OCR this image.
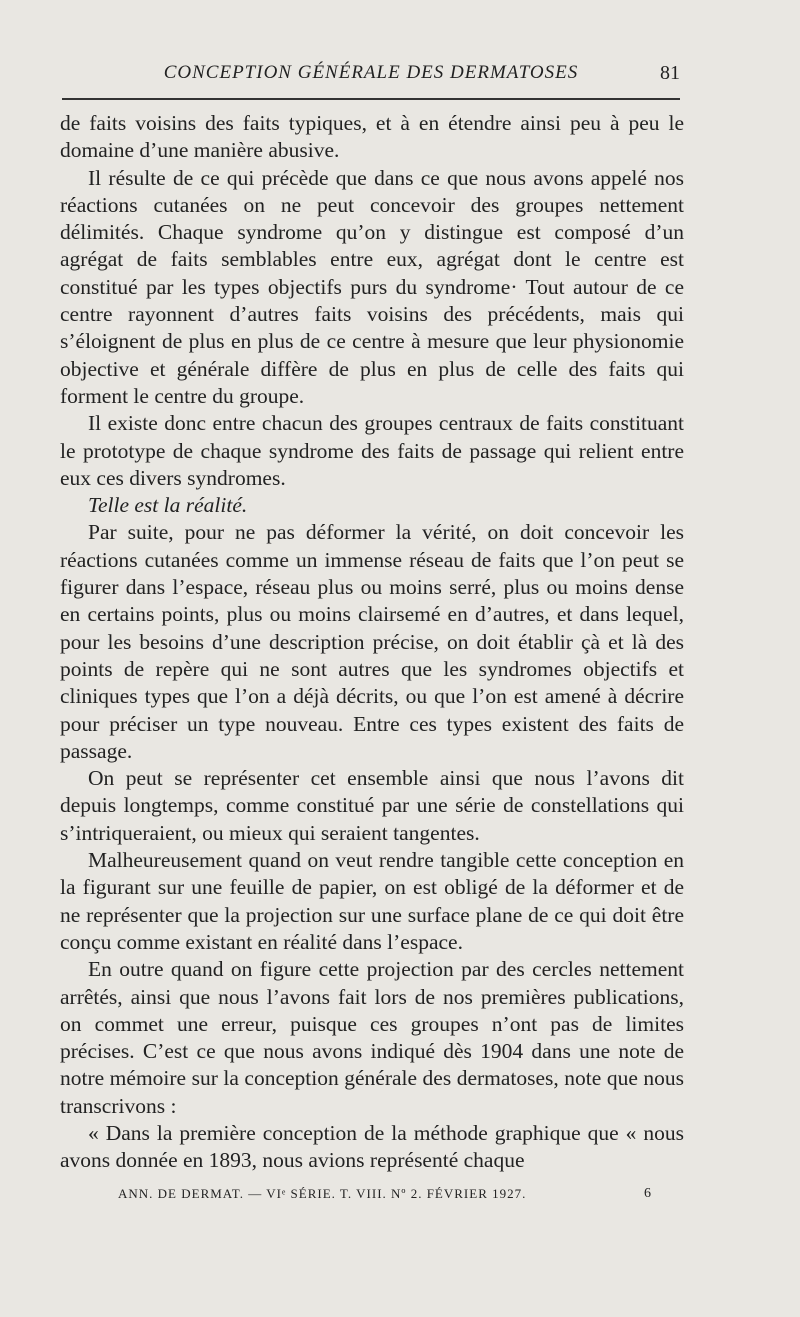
CONCEPTION GÉNÉRALE DES DERMATOSES	81

de faits voisins des faits typiques, et à en étendre ainsi peu à peu le domaine d’une manière abusive.

Il résulte de ce qui précède que dans ce que nous avons appelé nos réactions cutanées on ne peut concevoir des groupes nettement délimités. Chaque syndrome qu’on y distingue est composé d’un agrégat de faits semblables entre eux, agrégat dont le centre est constitué par les types objectifs purs du syndrome· Tout autour de ce centre rayonnent d’autres faits voisins des précédents, mais qui s’éloignent de plus en plus de ce centre à mesure que leur physionomie objective et générale diffère de plus en plus de celle des faits qui forment le centre du groupe.

Il existe donc entre chacun des groupes centraux de faits constituant le prototype de chaque syndrome des faits de passage qui relient entre eux ces divers syndromes.

Telle est la réalité.

Par suite, pour ne pas déformer la vérité, on doit concevoir les réactions cutanées comme un immense réseau de faits que l’on peut se figurer dans l’espace, réseau plus ou moins serré, plus ou moins dense en certains points, plus ou moins clairsemé en d’autres, et dans lequel, pour les besoins d’une description précise, on doit établir çà et là des points de repère qui ne sont autres que les syndromes objectifs et cliniques types que l’on a déjà décrits, ou que l’on est amené à décrire pour préciser un type nouveau. Entre ces types existent des faits de passage.

On peut se représenter cet ensemble ainsi que nous l’avons dit depuis longtemps, comme constitué par une série de constellations qui s’intriqueraient, ou mieux qui seraient tangentes.

Malheureusement quand on veut rendre tangible cette conception en la figurant sur une feuille de papier, on est obligé de la déformer et de ne représenter que la projection sur une surface plane de ce qui doit être conçu comme existant en réalité dans l’espace.

En outre quand on figure cette projection par des cercles nettement arrêtés, ainsi que nous l’avons fait lors de nos premières publications, on commet une erreur, puisque ces groupes n’ont pas de limites précises. C’est ce que nous avons indiqué dès 1904 dans une note de notre mémoire sur la conception générale des dermatoses, note que nous transcrivons :

« Dans la première conception de la méthode graphique que « nous avons donnée en 1893, nous avions représenté chaque

ANN. DE DERMAT. — VIᵉ SÉRIE. T. VIII. Nº 2. FÉVRIER 1927.	6
